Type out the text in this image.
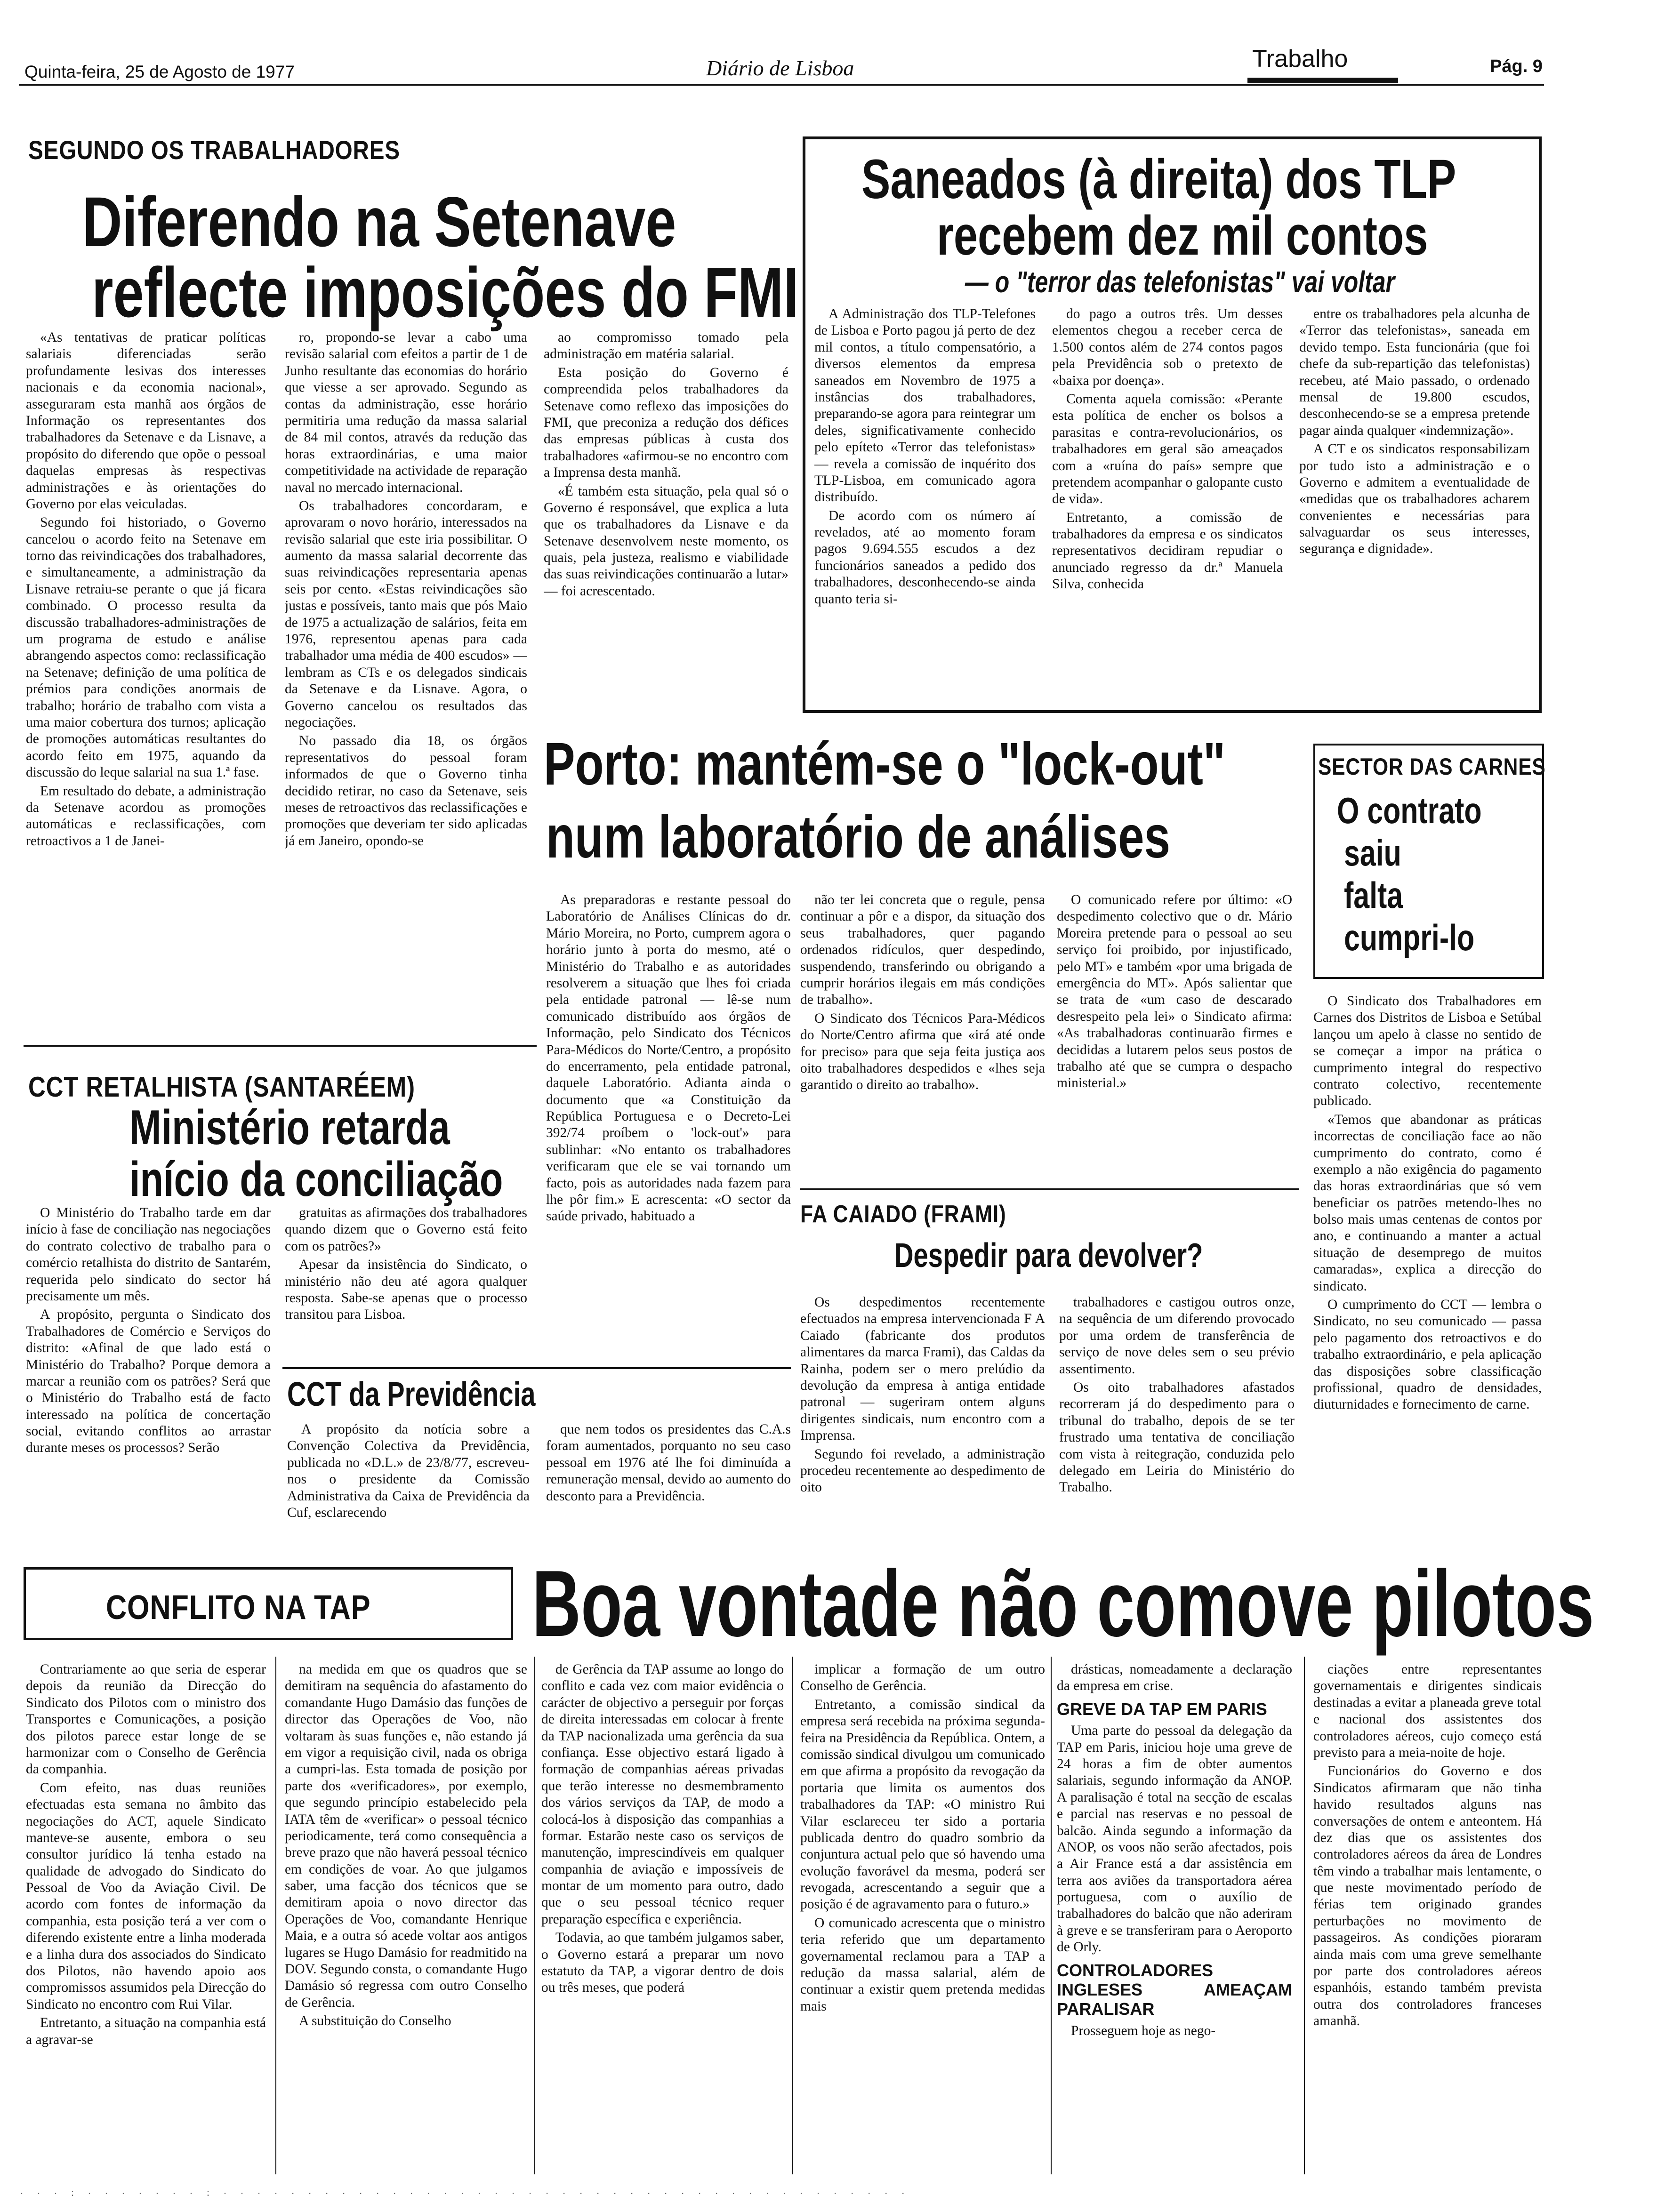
Quinta-feira, 25 de Agosto de 1977	Diário de Lisboa	Trabalho	Pág. 9
SEGUNDO OS TRABALHADORES
Diferendo na Setenave
reflecte imposições do FMI

«As tentativas de praticar políticas salariais diferenciadas serão profundamente lesivas dos interesses nacionais e da economia nacional», asseguraram esta manhã aos órgãos de Informação os representantes dos trabalhadores da Setenave e da Lisnave, a propósito do diferendo que opõe o pessoal daquelas empresas às respectivas administrações e às orientações do Governo por elas veiculadas.

Segundo foi historiado, o Governo cancelou o acordo feito na Setenave em torno das reivindicações dos trabalhadores, e simultaneamente, a administração da Lisnave retraiu-se perante o que já ficara combinado. O processo resulta da discussão trabalhadores-administrações de um programa de estudo e análise abrangendo aspectos como: reclassificação na Setenave; definição de uma política de prémios para condições anormais de trabalho; horário de trabalho com vista a uma maior cobertura dos turnos; aplicação de promoções automáticas resultantes do acordo feito em 1975, aquando da discussão do leque salarial na sua 1.ª fase.

Em resultado do debate, a administração da Setenave acordou as promoções automáticas e reclassificações, com retroactivos a 1 de Janei-

ro, propondo-se levar a cabo uma revisão salarial com efeitos a partir de 1 de Junho resultante das economias do horário que viesse a ser aprovado. Segundo as contas da administração, esse horário permitiria uma redução da massa salarial de 84 mil contos, através da redução das horas extraordinárias, e uma maior competitividade na actividade de reparação naval no mercado internacional.

Os trabalhadores concordaram, e aprovaram o novo horário, interessados na revisão salarial que este iria possibilitar. O aumento da massa salarial decorrente das suas reivindicações representaria apenas seis por cento. «Estas reivindicações são justas e possíveis, tanto mais que pós Maio de 1975 a actualização de salários, feita em 1976, representou apenas para cada trabalhador uma média de 400 escudos» — lembram as CTs e os delegados sindicais da Setenave e da Lisnave. Agora, o Governo cancelou os resultados das negociações.

No passado dia 18, os órgãos representativos do pessoal foram informados de que o Governo tinha decidido retirar, no caso da Setenave, seis meses de retroactivos das reclassificações e promoções que deveriam ter sido aplicadas já em Janeiro, opondo-se

ao compromisso tomado pela administração em matéria salarial.

Esta posição do Governo é compreendida pelos trabalhadores da Setenave como reflexo das imposições do FMI, que preconiza a redução dos défices das empresas públicas à custa dos trabalhadores «afirmou-se no encontro com a Imprensa desta manhã.

«É também esta situação, pela qual só o Governo é responsável, que explica a luta que os trabalhadores da Lisnave e da Setenave desenvolvem neste momento, os quais, pela justeza, realismo e viabilidade das suas reivindicações continuarão a lutar» — foi acrescentado.

Saneados (à direita) dos TLP
recebem dez mil contos
— o "terror das telefonistas" vai voltar

A Administração dos TLP-Telefones de Lisboa e Porto pagou já perto de dez mil contos, a título compensatório, a diversos elementos da empresa saneados em Novembro de 1975 a instâncias dos trabalhadores, preparando-se agora para reintegrar um deles, significativamente conhecido pelo epíteto «Terror das telefonistas» — revela a comissão de inquérito dos TLP-Lisboa, em comunicado agora distribuído.

De acordo com os número aí revelados, até ao momento foram pagos 9.694.555 escudos a dez funcionários saneados a pedido dos trabalhadores, desconhecendo-se ainda quanto teria si-

do pago a outros três. Um desses elementos chegou a receber cerca de 1.500 contos além de 274 contos pagos pela Previdência sob o pretexto de «baixa por doença».

Comenta aquela comissão: «Perante esta política de encher os bolsos a parasitas e contra-revolucionários, os trabalhadores em geral são ameaçados com a «ruína do país» sempre que pretendem acompanhar o galopante custo de vida».

Entretanto, a comissão de trabalhadores da empresa e os sindicatos representativos decidiram repudiar o anunciado regresso da dr.ª Manuela Silva, conhecida

entre os trabalhadores pela alcunha de «Terror das telefonistas», saneada em devido tempo. Esta funcionária (que foi chefe da sub-repartição das telefonistas) recebeu, até Maio passado, o ordenado mensal de 19.800 escudos, desconhecendo-se se a empresa pretende pagar ainda qualquer «indemnização».

A CT e os sindicatos responsabilizam por tudo isto a administração e o Governo e admitem a eventualidade de «medidas que os trabalhadores acharem convenientes e necessárias para salvaguardar os seus interesses, segurança e dignidade».

Porto: mantém-se o "lock-out"
num laboratório de análises

As preparadoras e restante pessoal do Laboratório de Análises Clínicas do dr. Mário Moreira, no Porto, cumprem agora o horário junto à porta do mesmo, até o Ministério do Trabalho e as autoridades resolverem a situação que lhes foi criada pela entidade patronal — lê-se num comunicado distribuído aos órgãos de Informação, pelo Sindicato dos Técnicos Para-Médicos do Norte/Centro, a propósito do encerramento, pela entidade patronal, daquele Laboratório. Adianta ainda o documento que «a Constituição da República Portuguesa e o Decreto-Lei 392/74 proíbem o 'lock-out'» para sublinhar: «No entanto os trabalhadores verificaram que ele se vai tornando um facto, pois as autoridades nada fazem para lhe pôr fim.» E acrescenta: «O sector da saúde privado, habituado a

não ter lei concreta que o regule, pensa continuar a pôr e a dispor, da situação dos seus trabalhadores, quer pagando ordenados ridículos, quer despedindo, suspendendo, transferindo ou obrigando a cumprir horários ilegais em más condições de trabalho».

O Sindicato dos Técnicos Para-Médicos do Norte/Centro afirma que «irá até onde for preciso» para que seja feita justiça aos oito trabalhadores despedidos e «lhes seja garantido o direito ao trabalho».

O comunicado refere por último: «O despedimento colectivo que o dr. Mário Moreira pretende para o pessoal ao seu serviço foi proibido, por injustificado, pelo MT» e também «por uma brigada de emergência do MT». Após salientar que se trata de «um caso de descarado desrespeito pela lei» o Sindicato afirma: «As trabalhadoras continuarão firmes e decididas a lutarem pelos seus postos de trabalho até que se cumpra o despacho ministerial.»

SECTOR DAS CARNES
O contrato
saiu
falta
cumpri-lo

O Sindicato dos Trabalhadores em Carnes dos Distritos de Lisboa e Setúbal lançou um apelo à classe no sentido de se começar a impor na prática o cumprimento integral do respectivo contrato colectivo, recentemente publicado.

«Temos que abandonar as práticas incorrectas de conciliação face ao não cumprimento do contrato, como é exemplo a não exigência do pagamento das horas extraordinárias que só vem beneficiar os patrões metendo-lhes no bolso mais umas centenas de contos por ano, e continuando a manter a actual situação de desemprego de muitos camaradas», explica a direcção do sindicato.

O cumprimento do CCT — lembra o Sindicato, no seu comunicado — passa pelo pagamento dos retroactivos e do trabalho extraordinário, e pela aplicação das disposições sobre classificação profissional, quadro de densidades, diuturnidades e fornecimento de carne.

CCT RETALHISTA (SANTARÉEM)
Ministério retarda
início da conciliação

O Ministério do Trabalho tarde em dar início à fase de conciliação nas negociações do contrato colectivo de trabalho para o comércio retalhista do distrito de Santarém, requerida pelo sindicato do sector há precisamente um mês.

A propósito, pergunta o Sindicato dos Trabalhadores de Comércio e Serviços do distrito: «Afinal de que lado está o Ministério do Trabalho? Porque demora a marcar a reunião com os patrões? Será que o Ministério do Trabalho está de facto interessado na política de concertação social, evitando conflitos ao arrastar durante meses os processos? Serão

gratuitas as afirmações dos trabalhadores quando dizem que o Governo está feito com os patrões?»

Apesar da insistência do Sindicato, o ministério não deu até agora qualquer resposta. Sabe-se apenas que o processo transitou para Lisboa.

CCT da Previdência

A propósito da notícia sobre a Convenção Colectiva da Previdência, publicada no «D.L.» de 23/8/77, escreveu-nos o presidente da Comissão Administrativa da Caixa de Previdência da Cuf, esclarecendo

que nem todos os presidentes das C.A.s foram aumentados, porquanto no seu caso pessoal em 1976 até lhe foi diminuída a remuneração mensal, devido ao aumento do desconto para a Previdência.

FA CAIADO (FRAMI)
Despedir para devolver?

Os despedimentos recentemente efectuados na empresa intervencionada F A Caiado (fabricante dos produtos alimentares da marca Frami), das Caldas da Rainha, podem ser o mero prelúdio da devolução da empresa à antiga entidade patronal — sugeriram ontem alguns dirigentes sindicais, num encontro com a Imprensa.

Segundo foi revelado, a administração procedeu recentemente ao despedimento de oito

trabalhadores e castigou outros onze, na sequência de um diferendo provocado por uma ordem de transferência de serviço de nove deles sem o seu prévio assentimento.

Os oito trabalhadores afastados recorreram já do despedimento para o tribunal do trabalho, depois de se ter frustrado uma tentativa de conciliação com vista à reitegração, conduzida pelo delegado em Leiria do Ministério do Trabalho.

CONFLITO NA TAP Boa vontade não comove pilotos

Contrariamente ao que seria de esperar depois da reunião da Direcção do Sindicato dos Pilotos com o ministro dos Transportes e Comunicações, a posição dos pilotos parece estar longe de se harmonizar com o Conselho de Gerência da companhia.

Com efeito, nas duas reuniões efectuadas esta semana no âmbito das negociações do ACT, aquele Sindicato manteve-se ausente, embora o seu consultor jurídico lá tenha estado na qualidade de advogado do Sindicato do Pessoal de Voo da Aviação Civil. De acordo com fontes de informação da companhia, esta posição terá a ver com o diferendo existente entre a linha moderada e a linha dura dos associados do Sindicato dos Pilotos, não havendo apoio aos compromissos assumidos pela Direcção do Sindicato no encontro com Rui Vilar.

Entretanto, a situação na companhia está a agravar-se

na medida em que os quadros que se demitiram na sequência do afastamento do comandante Hugo Damásio das funções de director das Operações de Voo, não voltaram às suas funções e, não estando já em vigor a requisição civil, nada os obriga a cumpri-las. Esta tomada de posição por parte dos «verificadores», por exemplo, que segundo princípio estabelecido pela IATA têm de «verificar» o pessoal técnico periodicamente, terá como consequência a breve prazo que não haverá pessoal técnico em condições de voar. Ao que julgamos saber, uma facção dos técnicos que se demitiram apoia o novo director das Operações de Voo, comandante Henrique Maia, e a outra só acede voltar aos antigos lugares se Hugo Damásio for readmitido na DOV. Segundo consta, o comandante Hugo Damásio só regressa com outro Conselho de Gerência.

A substituição do Conselho

de Gerência da TAP assume ao longo do conflito e cada vez com maior evidência o carácter de objectivo a perseguir por forças de direita interessadas em colocar à frente da TAP nacionalizada uma gerência da sua confiança. Esse objectivo estará ligado à formação de companhias aéreas privadas que terão interesse no desmembramento dos vários serviços da TAP, de modo a colocá-los à disposição das companhias a formar. Estarão neste caso os serviços de manutenção, imprescindíveis em qualquer companhia de aviação e impossíveis de montar de um momento para outro, dado que o seu pessoal técnico requer preparação específica e experiência.

Todavia, ao que também julgamos saber, o Governo estará a preparar um novo estatuto da TAP, a vigorar dentro de dois ou três meses, que poderá

implicar a formação de um outro Conselho de Gerência.

Entretanto, a comissão sindical da empresa será recebida na próxima segunda-feira na Presidência da República. Ontem, a comissão sindical divulgou um comunicado em que afirma a propósito da revogação da portaria que limita os aumentos dos trabalhadores da TAP: «O ministro Rui Vilar esclareceu ter sido a portaria publicada dentro do quadro sombrio da conjuntura actual pelo que só havendo uma evolução favorável da mesma, poderá ser revogada, acrescentando a seguir que a posição é de agravamento para o futuro.»

O comunicado acrescenta que o ministro teria referido que um departamento governamental reclamou para a TAP a redução da massa salarial, além de continuar a existir quem pretenda medidas mais

drásticas, nomeadamente a declaração da empresa em crise.

GREVE DA TAP EM PARIS

Uma parte do pessoal da delegação da TAP em Paris, iniciou hoje uma greve de 24 horas a fim de obter aumentos salariais, segundo informação da ANOP. A paralisação é total na secção de escalas e parcial nas reservas e no pessoal de balcão. Ainda segundo a informação da ANOP, os voos não serão afectados, pois a Air France está a dar assistência em terra aos aviões da transportadora aérea portuguesa, com o auxílio de trabalhadores do balcão que não aderiram à greve e se transferiram para o Aeroporto de Orly.

CONTROLADORES INGLESES AMEAÇAM PARALISAR

Prosseguem hoje as nego-

ciações entre representantes governamentais e dirigentes sindicais destinadas a evitar a planeada greve total e nacional dos assistentes dos controladores aéreos, cujo começo está previsto para a meia-noite de hoje.

Funcionários do Governo e dos Sindicatos afirmaram que não tinha havido resultados alguns nas conversações de ontem e anteontem. Há dez dias que os assistentes dos controladores aéreos da área de Londres têm vindo a trabalhar mais lentamente, o que neste movimentado período de férias tem originado grandes perturbações no movimento de passageiros. As condições pioraram ainda mais com uma greve semelhante por parte dos controladores aéreos espanhóis, estando também prevista outra dos controladores franceses amanhã.

· · · : · · · · · · · : · · · · · · · · · · · · · · · · · · · · · · · · · · · · · · · · · · · · · · · · ·
